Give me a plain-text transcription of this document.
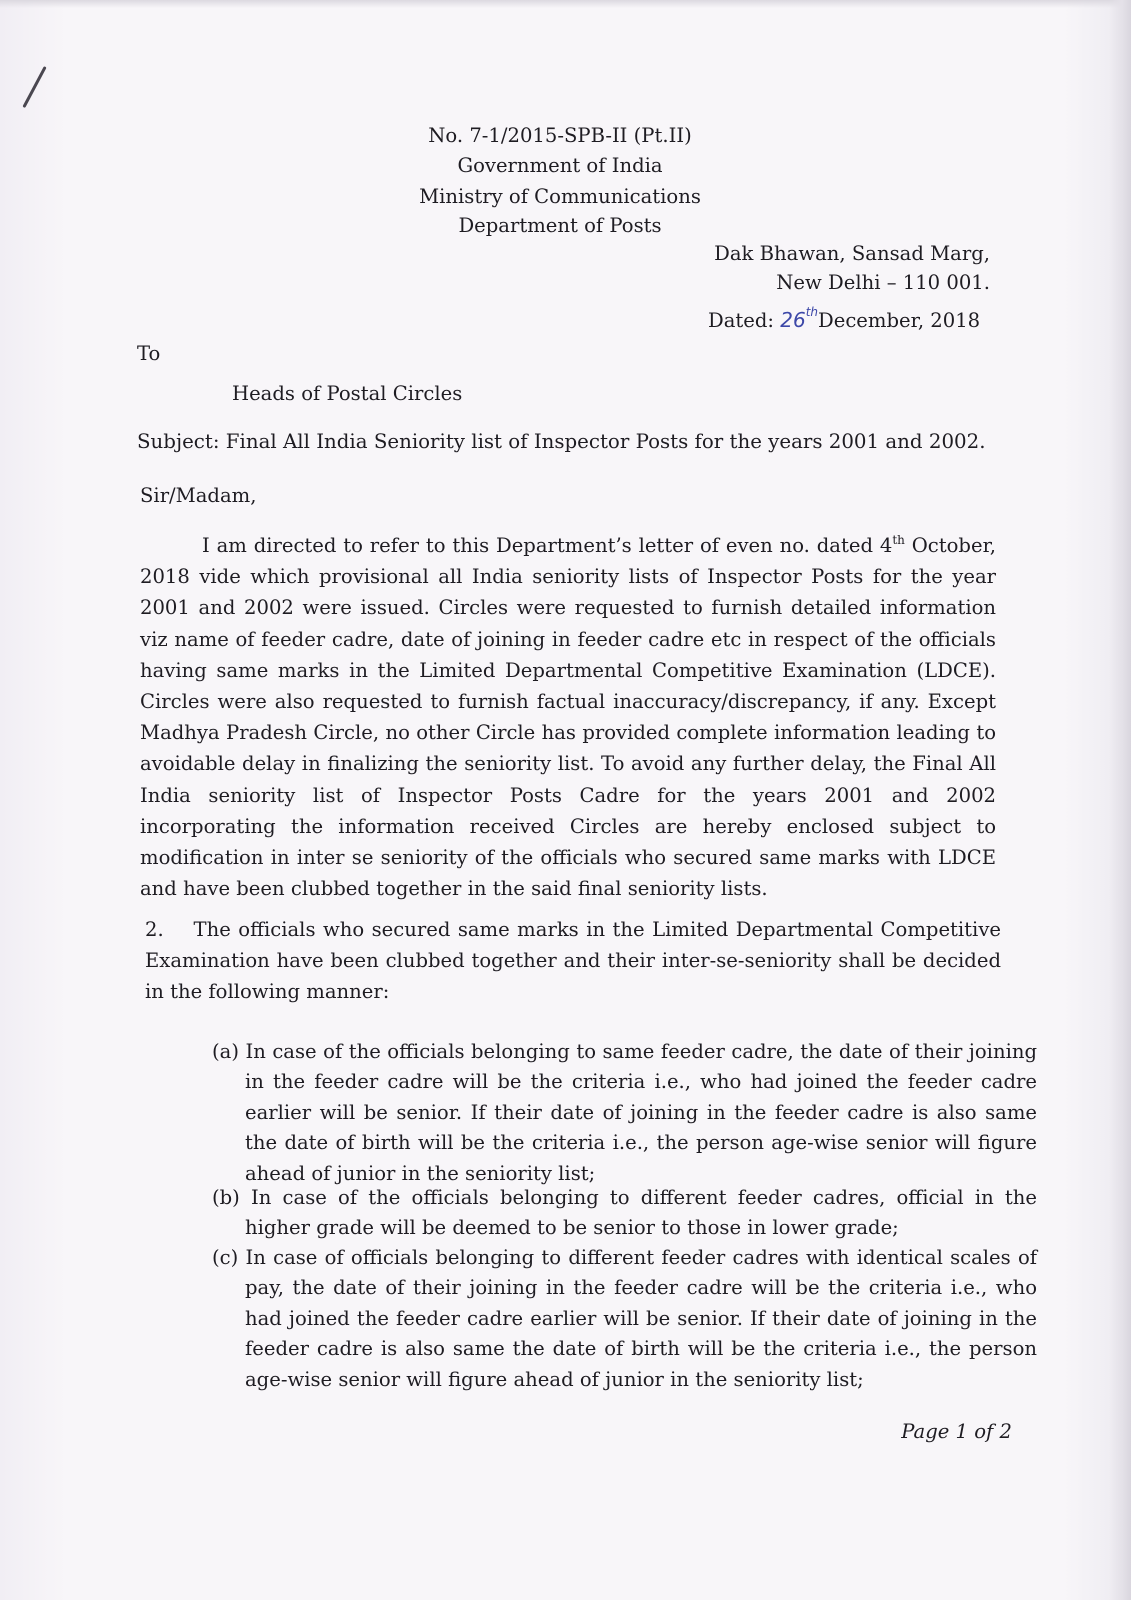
No. 7-1/2015-SPB-II (Pt.II)
Government of India
Ministry of Communications
Department of Posts
Dak Bhawan, Sansad Marg,
New Delhi – 110 001.
Dated: 26thDecember, 2018
To
Heads of Postal Circles
Subject: Final All India Seniority list of Inspector Posts for the years 2001 and 2002.
Sir/Madam,
I am directed to refer to this Department’s letter of even no. dated 4th October, 2018 vide which provisional all India seniority lists of Inspector Posts for the year 2001 and 2002 were issued. Circles were requested to furnish detailed information viz name of feeder cadre, date of joining in feeder cadre etc in respect of the officials having same marks in the Limited Departmental Competitive Examination (LDCE). Circles were also requested to furnish factual inaccuracy/discrepancy, if any. Except Madhya Pradesh Circle, no other Circle has provided complete information leading to avoidable delay in finalizing the seniority list. To avoid any further delay, the Final All India seniority list of Inspector Posts Cadre for the years 2001 and 2002 incorporating the information received Circles are hereby enclosed subject to modification in inter se seniority of the officials who secured same marks with LDCE and have been clubbed together in the said final seniority lists.
2.    The officials who secured same marks in the Limited Departmental Competitive Examination have been clubbed together and their inter-se-seniority shall be decided in the following manner:
(a) In case of the officials belonging to same feeder cadre, the date of their joining in the feeder cadre will be the criteria i.e., who had joined the feeder cadre earlier will be senior. If their date of joining in the feeder cadre is also same the date of birth will be the criteria i.e., the person age-wise senior will figure ahead of junior in the seniority list;
(b) In case of the officials belonging to different feeder cadres, official in the higher grade will be deemed to be senior to those in lower grade;
(c) In case of officials belonging to different feeder cadres with identical scales of pay, the date of their joining in the feeder cadre will be the criteria i.e., who had joined the feeder cadre earlier will be senior. If their date of joining in the feeder cadre is also same the date of birth will be the criteria i.e., the person age-wise senior will figure ahead of junior in the seniority list;
Page 1 of 2
